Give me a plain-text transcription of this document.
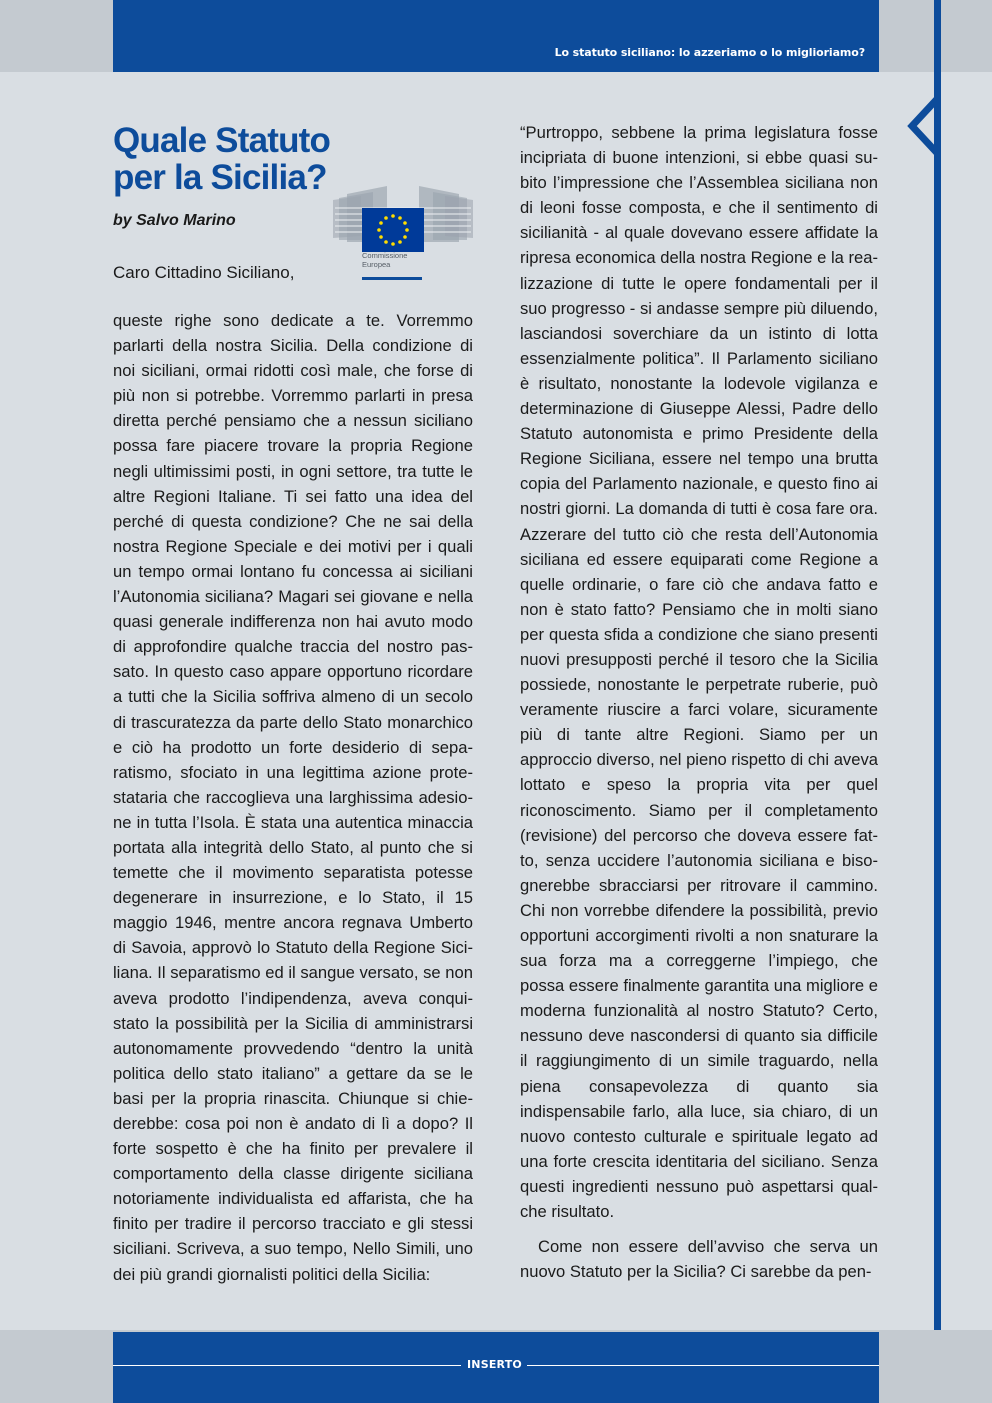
Lo statuto siciliano: lo azzeriamo o lo miglioriamo?
Quale Statuto
per la Sicilia?
by Salvo Marino
Commissione
Europea
Caro Cittadino Siciliano,

queste righe sono dedicate a te. Vorremmo parlarti della nostra Sicilia. Della condizione di noi siciliani, ormai ridotti così male, che forse di più non si potrebbe. Vorremmo parlarti in presa diretta perché pensiamo che a nessun siciliano possa fare piacere trovare la propria Regione negli ultimissimi posti, in ogni settore, tra tutte le altre Regioni Italiane. Ti sei fatto una idea del perché di questa condizione? Che ne sai della nostra Regione Speciale e dei motivi per i quali un tempo ormai lontano fu concessa ai siciliani l’Autonomia siciliana? Magari sei giovane e nella quasi generale indifferenza non hai avuto modo di approfondire qualche traccia del nostro passato. In questo caso appare opportuno ricordare a tutti che la Sicilia soffriva almeno di un secolo di trascuratezza da parte dello Stato monarchico e ciò ha prodotto un forte desiderio di separatismo, sfociato in una legittima azione protestataria che raccoglieva una larghissima adesione in tutta l’Isola. È stata una autentica minaccia portata alla integrità dello Stato, al punto che si temette che il movimento separatista potesse degenerare in insurrezione, e lo Stato, il 15 maggio 1946, mentre ancora regnava Umberto di Savoia, approvò lo Statuto della Regione Siciliana. Il separatismo ed il sangue versato, se non aveva prodotto l’indipendenza, aveva conquistato la possibilità per la Sicilia di amministrarsi autonomamente provvedendo “dentro la unità politica dello stato italiano” a gettare da se le basi per la propria rinascita. Chiunque si chiederebbe: cosa poi non è andato di lì a dopo? Il forte sospetto è che ha finito per prevalere il comportamento della classe dirigente siciliana notoriamente individualista ed affarista, che ha finito per tradire il percorso tracciato e gli stessi siciliani. Scriveva, a suo tempo, Nello Simili, uno dei più grandi giornalisti politici della Sicilia:

“Purtroppo, sebbene la prima legislatura fosse incipriata di buone intenzioni, si ebbe quasi subito l’impressione che l’Assemblea siciliana non di leoni fosse composta, e che il sentimento di sicilianità - al quale dovevano essere affidate la ripresa economica della nostra Regione e la realizzazione di tutte le opere fondamentali per il suo progresso - si andasse sempre più diluendo, lasciandosi soverchiare da un istinto di lotta essenzialmente politica”. Il Parlamento siciliano è risultato, nonostante la lodevole vigilanza e determinazione di Giuseppe Alessi, Padre dello Statuto autonomista e primo Presidente della Regione Siciliana, essere nel tempo una brutta copia del Parlamento nazionale, e questo fino ai nostri giorni. La domanda di tutti è cosa fare ora. Azzerare del tutto ciò che resta dell’Autonomia siciliana ed essere equiparati come Regione a quelle ordinarie, o fare ciò che andava fatto e non è stato fatto? Pensiamo che in molti siano per questa sfida a condizione che siano presenti nuovi presupposti perché il tesoro che la Sicilia possiede, nonostante le perpetrate ruberie, può veramente riuscire a farci volare, sicuramente più di tante altre Regioni. Siamo per un approccio diverso, nel pieno rispetto di chi aveva lottato e speso la propria vita per quel riconoscimento. Siamo per il completamento (revisione) del percorso che doveva essere fatto, senza uccidere l’autonomia siciliana e bisognerebbe sbracciarsi per ritrovare il cammino. Chi non vorrebbe difendere la possibilità, previo opportuni accorgimenti rivolti a non snaturare la sua forza ma a correggerne l’impiego, che possa essere finalmente garantita una migliore e moderna funzionalità al nostro Statuto? Certo, nessuno deve nascondersi di quanto sia difficile il raggiungimento di un simile traguardo, nella piena consapevolezza di quanto sia indispensabile farlo, alla luce, sia chiaro, di un nuovo contesto culturale e spirituale legato ad una forte crescita identitaria del siciliano. Senza questi ingredienti nessuno può aspettarsi qualche risultato.

Come non essere dell’avviso che serva un nuovo Statuto per la Sicilia? Ci sarebbe da pen-

INSERTO
